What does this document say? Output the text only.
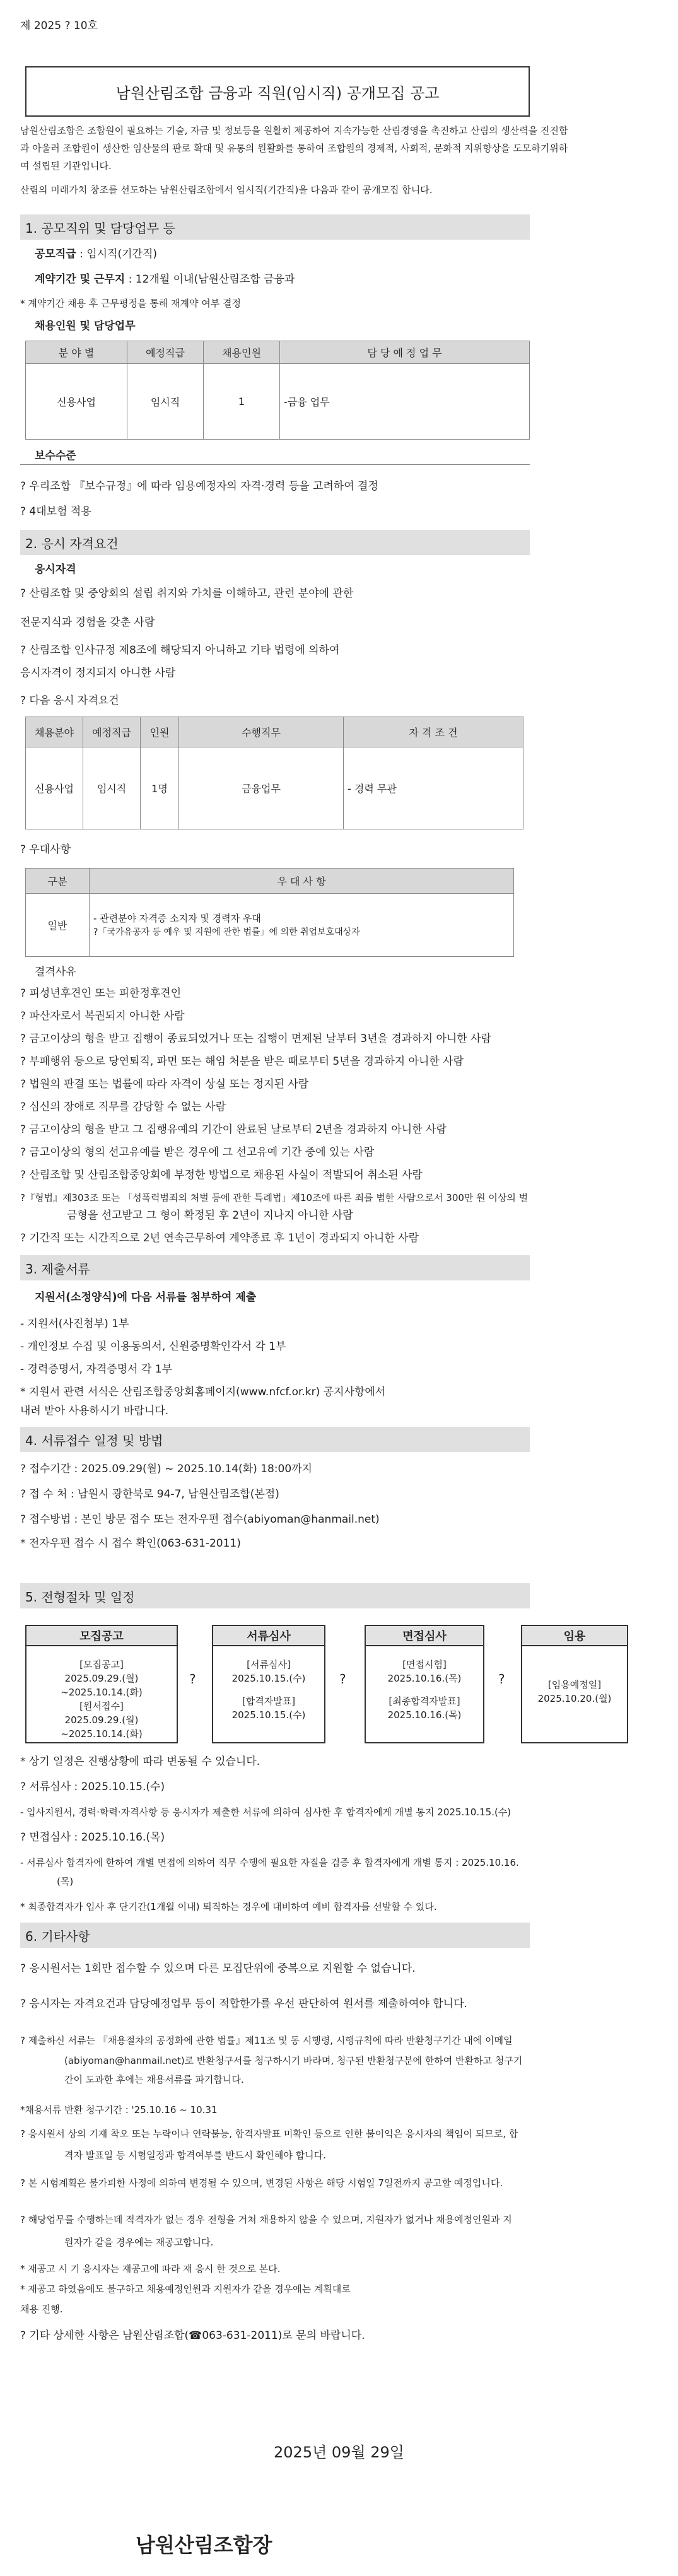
제 2025 ? 10호
남원산림조합 금융과 직원(임시직) 공개모집 공고
남원산림조합은 조합원이 필요하는 기술, 자금 및 정보등을 원활히 제공하여 지속가능한 산림경영을 촉진하고 산림의 생산력을 진진함
과 아울러 조합원이 생산한 임산물의 판로 확대 및 유통의 원활화를 통하여 조합원의 경제적, 사회적, 문화적 지위향상을 도모하기위하
여 설립된 기관입니다.
산림의 미래가치 창조를 선도하는 남원산림조합에서 임시직(기간직)을 다음과 같이 공개모집 합니다.
1. 공모직위 및 담당업무 등
공모직급 : 임시직(기간직)
계약기간 및 근무지 : 12개월 이내(남원산림조합 금융과
* 계약기간 채용 후 근무평정을 통해 재계약 여부 결정
채용인원 및 담당업무
분 야 별	예정직급	채용인원	담 당 예 정 업 무
신용사업	임시직	1	-금융 업무
보수수준
? 우리조합 『보수규정』에 따라 임용예정자의 자격·경력 등을 고려하여 결정
? 4대보험 적용
2. 응시 자격요건
응시자격
? 산림조합 및 중앙회의 설립 취지와 가치를 이해하고, 관련 분야에 관한
전문지식과 경험을 갖춘 사람
? 산림조합 인사규정 제8조에 해당되지 아니하고 기타 법령에 의하여
응시자격이 정지되지 아니한 사람
? 다음 응시 자격요건
채용분야	예정직급	인원	수행직무	자 격 조 건
신용사업	임시직	1명	금융업무	- 경력 무관
? 우대사항
구분	우 대 사 항
일반	- 관련분야 자격증 소지자 및 경력자 우대
?「국가유공자 등 예우 및 지원에 관한 법률」에 의한 취업보호대상자
결격사유
? 피성년후견인 또는 피한정후견인
? 파산자로서 복권되지 아니한 사람
? 금고이상의 형을 받고 집행이 종료되었거나 또는 집행이 면제된 날부터 3년을 경과하지 아니한 사람
? 부패행위 등으로 당연퇴직, 파면 또는 해임 처분을 받은 때로부터 5년을 경과하지 아니한 사람
? 법원의 판결 또는 법률에 따라 자격이 상실 또는 정지된 사람
? 심신의 장애로 직무를 감당할 수 없는 사람
? 금고이상의 형을 받고 그 집행유예의 기간이 완료된 날로부터 2년을 경과하지 아니한 사람
? 금고이상의 형의 선고유예를 받은 경우에 그 선고유예 기간 중에 있는 사람
? 산림조합 및 산림조합중앙회에 부정한 방법으로 채용된 사실이 적발되어 취소된 사람
?『형법』제303조 또는 「성폭력범죄의 처벌 등에 관한 특례법」제10조에 따른 죄를 범한 사람으로서 300만 원 이상의 벌
금형을 선고받고 그 형이 확정된 후 2년이 지나지 아니한 사람
? 기간직 또는 시간직으로 2년 연속근무하여 계약종료 후 1년이 경과되지 아니한 사람
3. 제출서류
지원서(소정양식)에 다음 서류를 첨부하여 제출
- 지원서(사진첨부) 1부
- 개인정보 수집 및 이용동의서, 신원증명확인각서 각 1부
- 경력증명서, 자격증명서 각 1부
* 지원서 관련 서식은 산림조합중앙회홈페이지(www.nfcf.or.kr) 공지사항에서
내려 받아 사용하시기 바랍니다.
4. 서류접수 일정 및 방법
? 접수기간 : 2025.09.29(월) ~ 2025.10.14(화) 18:00까지
? 접 수 처 : 남원시 광한북로 94-7, 남원산림조합(본점)
? 접수방법 : 본인 방문 접수 또는 전자우편 접수(abiyoman@hanmail.net)
* 전자우편 접수 시 접수 확인(063-631-2011)
5. 전형절차 및 일정
모집공고
[모집공고]
2025.09.29.(월)
~2025.10.14.(화)
[원서접수]
2025.09.29.(월)
~2025.10.14.(화)
?
서류심사
[서류심사]
2025.10.15.(수)
[합격자발표]
2025.10.15.(수)
?
면접심사
[면접시험]
2025.10.16.(목)
[최종합격자발표]
2025.10.16.(목)
?
임용
[임용예정일]
2025.10.20.(월)
* 상기 일정은 진행상황에 따라 변동될 수 있습니다.
? 서류심사 : 2025.10.15.(수)
- 입사지원서, 경력·학력·자격사항 등 응시자가 제출한 서류에 의하여 심사한 후 합격자에게 개별 통지 2025.10.15.(수)
? 면접심사 : 2025.10.16.(목)
- 서류심사 합격자에 한하여 개별 면접에 의하여 직무 수행에 필요한 자질을 검증 후 합격자에게 개별 통지 : 2025.10.16.
(목)
* 최종합격자가 입사 후 단기간(1개월 이내) 퇴직하는 경우에 대비하여 예비 합격자를 선발할 수 있다.
6. 기타사항
? 응시원서는 1회만 접수할 수 있으며 다른 모집단위에 중복으로 지원할 수 없습니다.
? 응시자는 자격요건과 담당예정업무 등이 적합한가를 우선 판단하여 원서를 제출하여야 합니다.
? 제출하신 서류는 『채용절차의 공정화에 관한 법률』제11조 및 동 시행령, 시행규칙에 따라 반환청구기간 내에 이메일
(abiyoman@hanmail.net)로 반환청구서를 청구하시기 바라며, 청구된 반환청구분에 한하여 반환하고 청구기
간이 도과한 후에는 채용서류를 파기합니다.
*채용서류 반환 청구기간 : '25.10.16 ~ 10.31
? 응시원서 상의 기재 착오 또는 누락이나 연락불능, 합격자발표 미확인 등으로 인한 불이익은 응시자의 책임이 되므로, 합
격자 발표일 등 시험일정과 합격여부를 반드시 확인해야 합니다.
? 본 시험계획은 불가피한 사정에 의하여 변경될 수 있으며, 변경된 사항은 해당 시험일 7일전까지 공고할 예정입니다.
? 해당업무를 수행하는데 적격자가 없는 경우 전형을 거쳐 채용하지 않을 수 있으며, 지원자가 없거나 채용예정인원과 지
원자가 같을 경우에는 재공고합니다.
* 재공고 시 기 응시자는 재공고에 따라 재 응시 한 것으로 본다.
* 재공고 하였음에도 불구하고 채용예정인원과 지원자가 같을 경우에는 계획대로
채용 진행.
? 기타 상세한 사항은 남원산림조합(☎063-631-2011)로 문의 바랍니다.
2025년 09월 29일
남원산림조합장
